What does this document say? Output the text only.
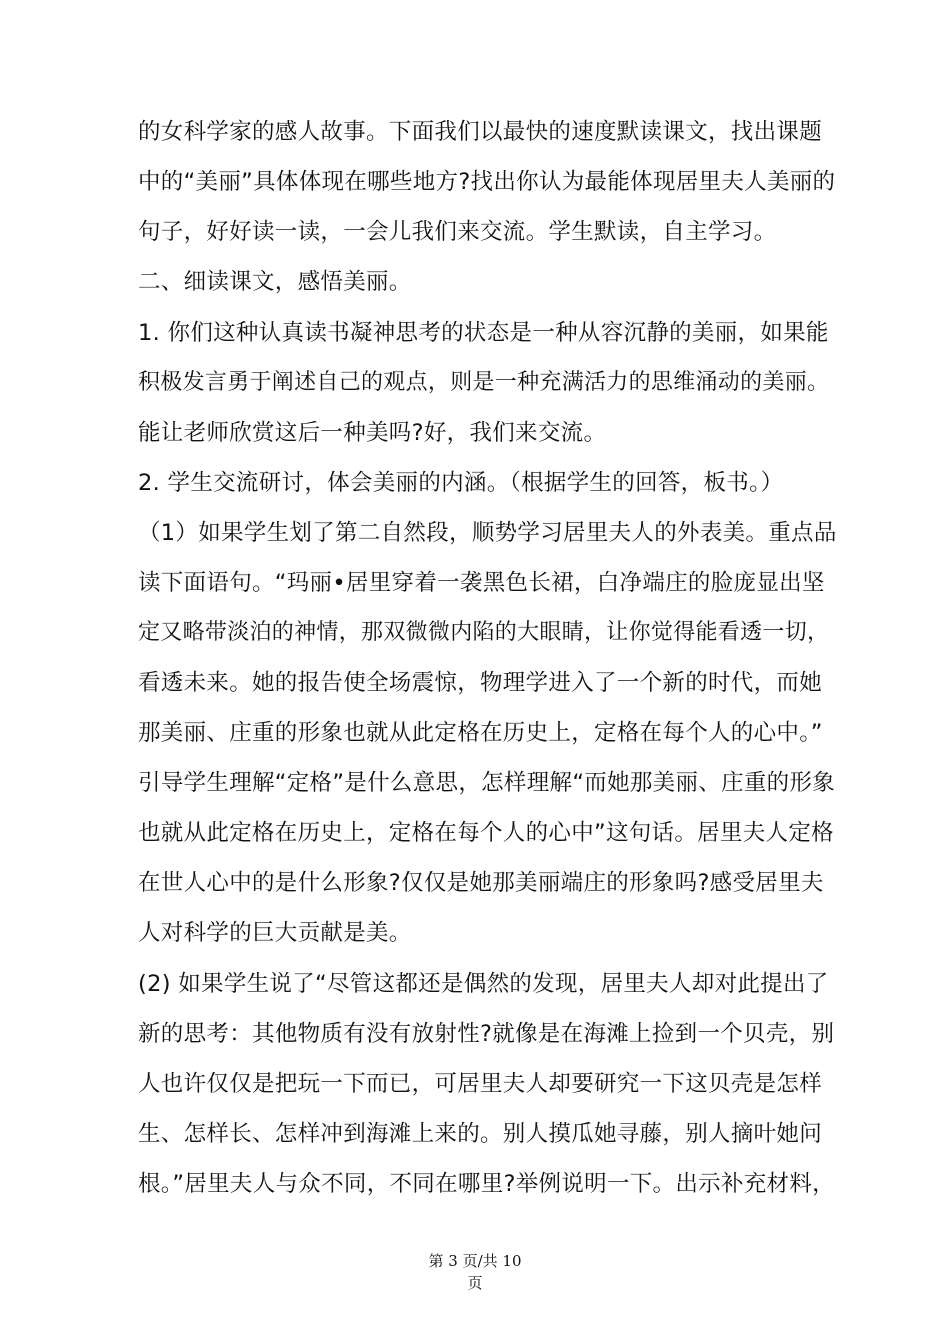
的女科学家的感人故事。下面我们以最快的速度默读课文，找出课题
中的“美丽”具体体现在哪些地方?找出你认为最能体现居里夫人美丽的
句子，好好读一读，一会儿我们来交流。学生默读，自主学习。
二、细读课文，感悟美丽。
1. 你们这种认真读书凝神思考的状态是一种从容沉静的美丽，如果能
积极发言勇于阐述自己的观点，则是一种充满活力的思维涌动的美丽。
能让老师欣赏这后一种美吗?好，我们来交流。
2. 学生交流研讨，体会美丽的内涵。（根据学生的回答，板书。）
（1）如果学生划了第二自然段，顺势学习居里夫人的外表美。重点品
读下面语句。“玛丽•居里穿着一袭黑色长裙，白净端庄的脸庞显出坚
定又略带淡泊的神情，那双微微内陷的大眼睛，让你觉得能看透一切，
看透未来。她的报告使全场震惊，物理学进入了一个新的时代，而她
那美丽、庄重的形象也就从此定格在历史上，定格在每个人的心中。”
引导学生理解“定格”是什么意思，怎样理解“而她那美丽、庄重的形象
也就从此定格在历史上，定格在每个人的心中”这句话。居里夫人定格
在世人心中的是什么形象?仅仅是她那美丽端庄的形象吗?感受居里夫
人对科学的巨大贡献是美。
(2) 如果学生说了“尽管这都还是偶然的发现，居里夫人却对此提出了
新的思考：其他物质有没有放射性?就像是在海滩上捡到一个贝壳，别
人也许仅仅是把玩一下而已，可居里夫人却要研究一下这贝壳是怎样
生、怎样长、怎样冲到海滩上来的。别人摸瓜她寻藤，别人摘叶她问
根。”居里夫人与众不同，不同在哪里?举例说明一下。出示补充材料，
第 3 页/共 10
页
